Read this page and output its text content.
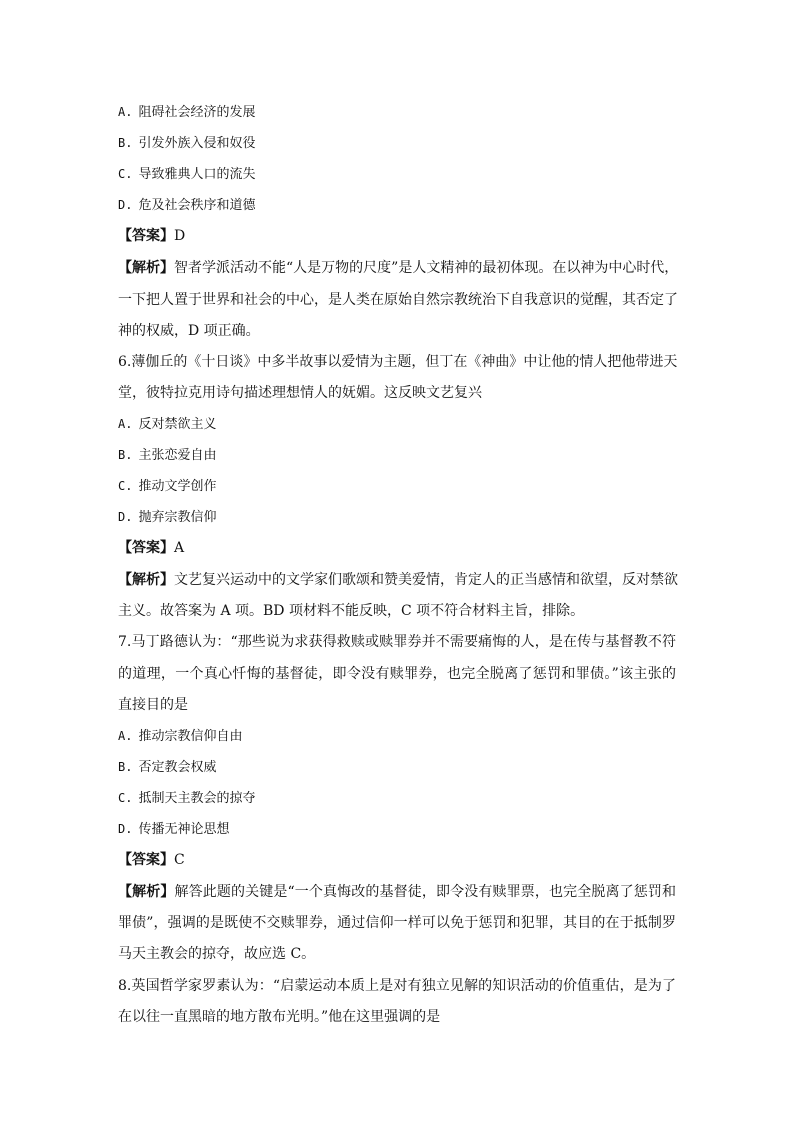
A. 阻碍社会经济的发展
B. 引发外族入侵和奴役
C. 导致雅典人口的流失
D. 危及社会秩序和道德
【答案】D
【解析】智者学派活动不能“人是万物的尺度”是人文精神的最初体现。在以神为中心时代，
一下把人置于世界和社会的中心，是人类在原始自然宗教统治下自我意识的觉醒，其否定了
神的权威，D 项正确。
6.薄伽丘的《十日谈》中多半故事以爱情为主题，但丁在《神曲》中让他的情人把他带进天
堂，彼特拉克用诗句描述理想情人的妩媚。这反映文艺复兴
A. 反对禁欲主义
B. 主张恋爱自由
C. 推动文学创作
D. 抛弃宗教信仰
【答案】A
【解析】文艺复兴运动中的文学家们歌颂和赞美爱情，肯定人的正当感情和欲望，反对禁欲
主义。故答案为 A 项。BD 项材料不能反映，C 项不符合材料主旨，排除。
7.马丁路德认为：“那些说为求获得救赎或赎罪券并不需要痛悔的人，是在传与基督教不符
的道理，一个真心忏悔的基督徒，即令没有赎罪券，也完全脱离了惩罚和罪债。”该主张的
直接目的是
A. 推动宗教信仰自由
B. 否定教会权威
C. 抵制天主教会的掠夺
D. 传播无神论思想
【答案】C
【解析】解答此题的关键是“一个真悔改的基督徒，即令没有赎罪票，也完全脱离了惩罚和
罪债”，强调的是既使不交赎罪券，通过信仰一样可以免于惩罚和犯罪，其目的在于抵制罗
马天主教会的掠夺，故应选 C。
8.英国哲学家罗素认为：“启蒙运动本质上是对有独立见解的知识活动的价值重估，是为了
在以往一直黑暗的地方散布光明。”他在这里强调的是
